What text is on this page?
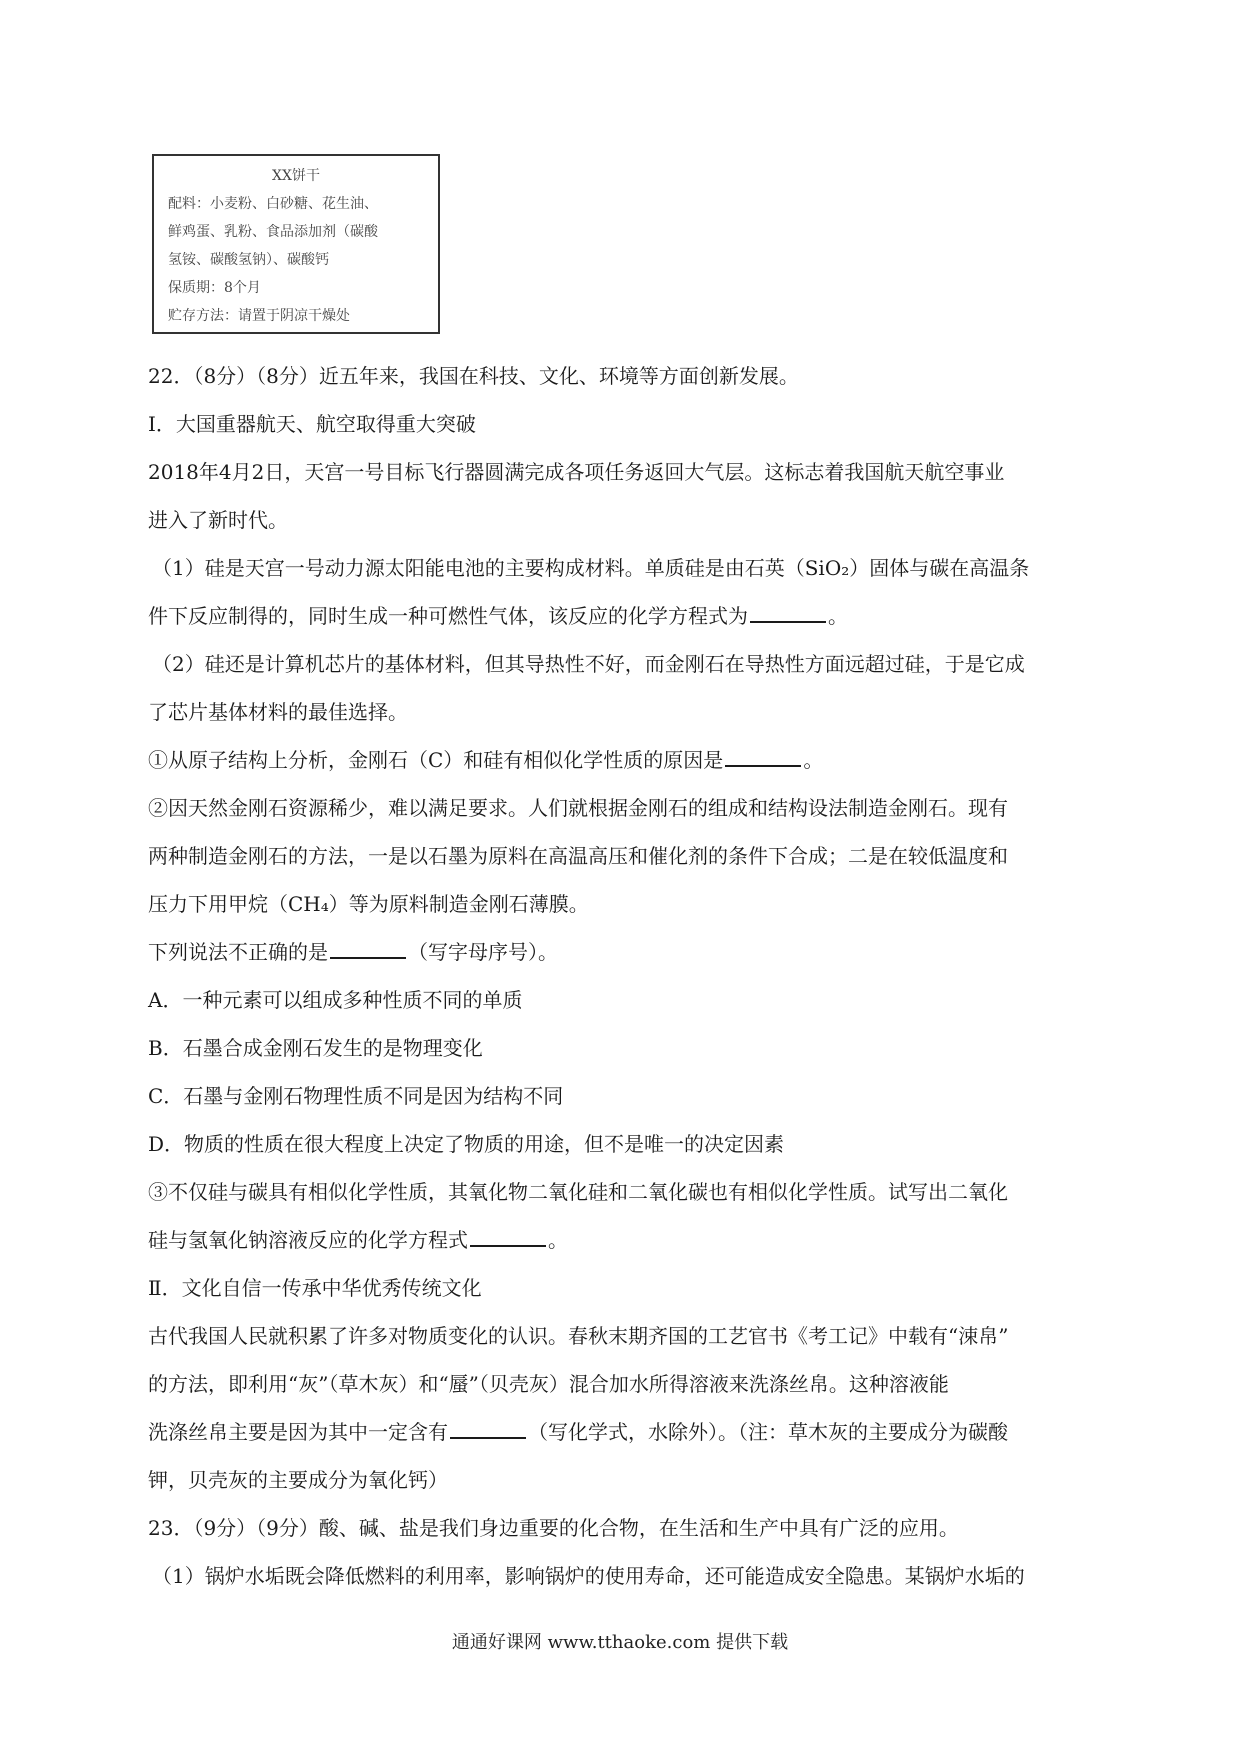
XX饼干
配料：小麦粉、白砂糖、花生油、
鲜鸡蛋、乳粉、食品添加剂（碳酸
氢铵、碳酸氢钠）、碳酸钙
保质期：8个月
贮存方法：请置于阴凉干燥处

22．（8分）（8分）近五年来，我国在科技、文化、环境等方面创新发展。

I．大国重器航天、航空取得重大突破

2018年4月2日，天宫一号目标飞行器圆满完成各项任务返回大气层。这标志着我国航天航空事业

进入了新时代。

（1）硅是天宫一号动力源太阳能电池的主要构成材料。单质硅是由石英（SiO₂）固体与碳在高温条

件下反应制得的，同时生成一种可燃性气体，该反应的化学方程式为	。

（2）硅还是计算机芯片的基体材料，但其导热性不好，而金刚石在导热性方面远超过硅，于是它成

了芯片基体材料的最佳选择。

①从原子结构上分析，金刚石（C）和硅有相似化学性质的原因是	。

②因天然金刚石资源稀少，难以满足要求。人们就根据金刚石的组成和结构设法制造金刚石。现有

两种制造金刚石的方法，一是以石墨为原料在高温高压和催化剂的条件下合成；二是在较低温度和

压力下用甲烷（CH₄）等为原料制造金刚石薄膜。

下列说法不正确的是	（写字母序号）。

A．一种元素可以组成多种性质不同的单质

B．石墨合成金刚石发生的是物理变化

C．石墨与金刚石物理性质不同是因为结构不同

D．物质的性质在很大程度上决定了物质的用途，但不是唯一的决定因素

③不仅硅与碳具有相似化学性质，其氧化物二氧化硅和二氧化碳也有相似化学性质。试写出二氧化

硅与氢氧化钠溶液反应的化学方程式	。

Ⅱ．文化自信一传承中华优秀传统文化

古代我国人民就积累了许多对物质变化的认识。春秋末期齐国的工艺官书《考工记》中载有“涑帛”

的方法，即利用“灰”（草木灰）和“蜃”（贝壳灰）混合加水所得溶液来洗涤丝帛。这种溶液能

洗涤丝帛主要是因为其中一定含有	（写化学式，水除外）。（注：草木灰的主要成分为碳酸

钾，贝壳灰的主要成分为氧化钙）

23．（9分）（9分）酸、碱、盐是我们身边重要的化合物，在生活和生产中具有广泛的应用。

（1）锅炉水垢既会降低燃料的利用率，影响锅炉的使用寿命，还可能造成安全隐患。某锅炉水垢的

通通好课网 www.tthaoke.com 提供下载
